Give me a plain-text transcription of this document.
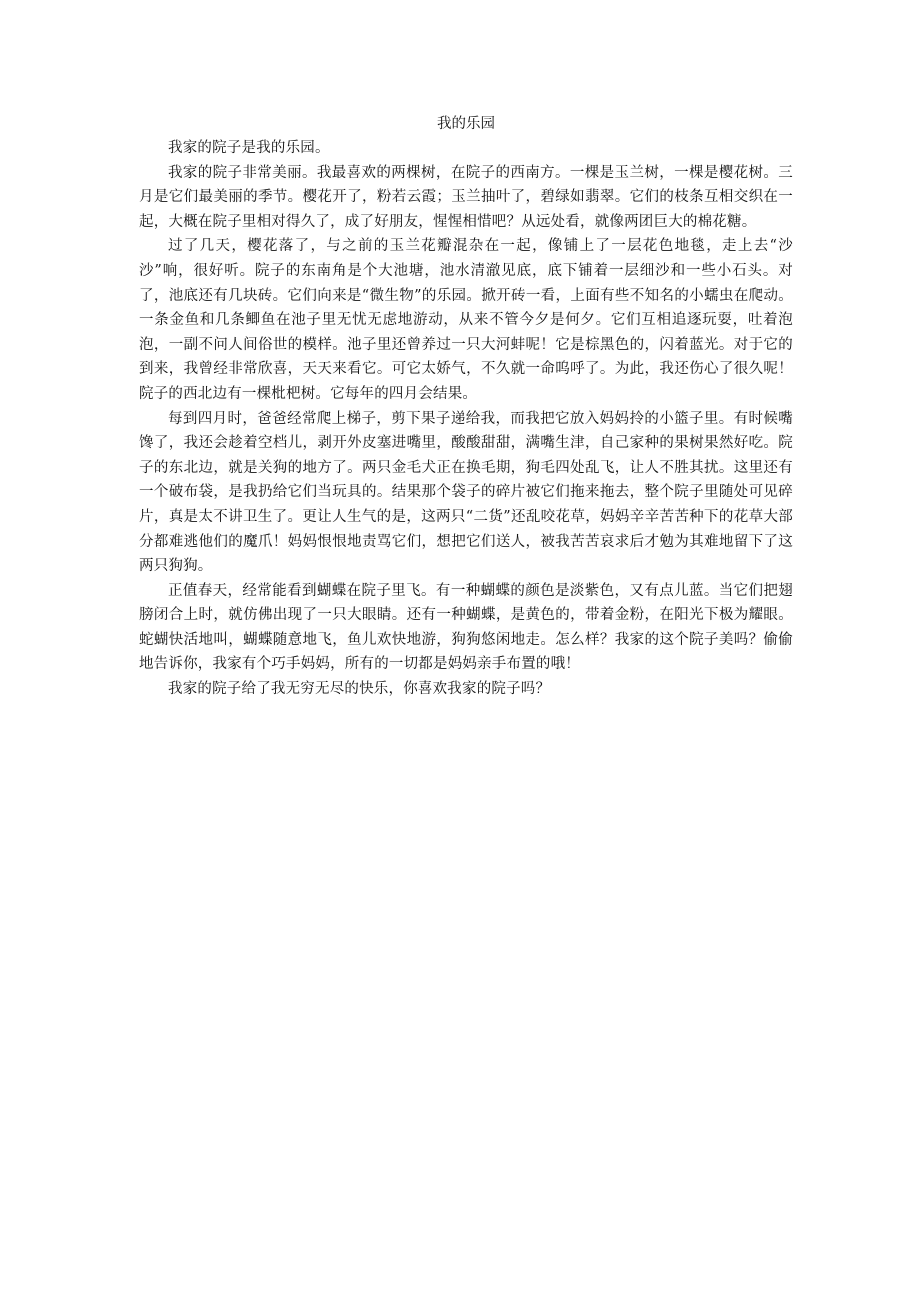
我的乐园

我家的院子是我的乐园。

我家的院子非常美丽。我最喜欢的两棵树，在院子的西南方。一棵是玉兰树，一棵是樱花树。三月是它们最美丽的季节。樱花开了，粉若云霞；玉兰抽叶了，碧绿如翡翠。它们的枝条互相交织在一起，大概在院子里相对得久了，成了好朋友，惺惺相惜吧？从远处看，就像两团巨大的棉花糖。

过了几天，樱花落了，与之前的玉兰花瓣混杂在一起，像铺上了一层花色地毯，走上去“沙沙”响，很好听。院子的东南角是个大池塘，池水清澈见底，底下铺着一层细沙和一些小石头。对了，池底还有几块砖。它们向来是“微生物”的乐园。掀开砖一看，上面有些不知名的小蠕虫在爬动。一条金鱼和几条鲫鱼在池子里无忧无虑地游动，从来不管今夕是何夕。它们互相追逐玩耍，吐着泡泡，一副不问人间俗世的模样。池子里还曾养过一只大河蚌呢！它是棕黑色的，闪着蓝光。对于它的到来，我曾经非常欣喜，天天来看它。可它太娇气，不久就一命呜呼了。为此，我还伤心了很久呢！院子的西北边有一棵枇杷树。它每年的四月会结果。

每到四月时，爸爸经常爬上梯子，剪下果子递给我，而我把它放入妈妈拎的小篮子里。有时候嘴馋了，我还会趁着空档儿，剥开外皮塞进嘴里，酸酸甜甜，满嘴生津，自己家种的果树果然好吃。院子的东北边，就是关狗的地方了。两只金毛犬正在换毛期，狗毛四处乱飞，让人不胜其扰。这里还有一个破布袋，是我扔给它们当玩具的。结果那个袋子的碎片被它们拖来拖去，整个院子里随处可见碎片，真是太不讲卫生了。更让人生气的是，这两只“二货”还乱咬花草，妈妈辛辛苦苦种下的花草大部分都难逃他们的魔爪！妈妈恨恨地责骂它们，想把它们送人，被我苦苦哀求后才勉为其难地留下了这两只狗狗。

正值春天，经常能看到蝴蝶在院子里飞。有一种蝴蝶的颜色是淡紫色，又有点儿蓝。当它们把翅膀闭合上时，就仿佛出现了一只大眼睛。还有一种蝴蝶，是黄色的，带着金粉，在阳光下极为耀眼。蛇蝴快活地叫，蝴蝶随意地飞，鱼儿欢快地游，狗狗悠闲地走。怎么样？我家的这个院子美吗？偷偷地告诉你，我家有个巧手妈妈，所有的一切都是妈妈亲手布置的哦！

我家的院子给了我无穷无尽的快乐，你喜欢我家的院子吗？
